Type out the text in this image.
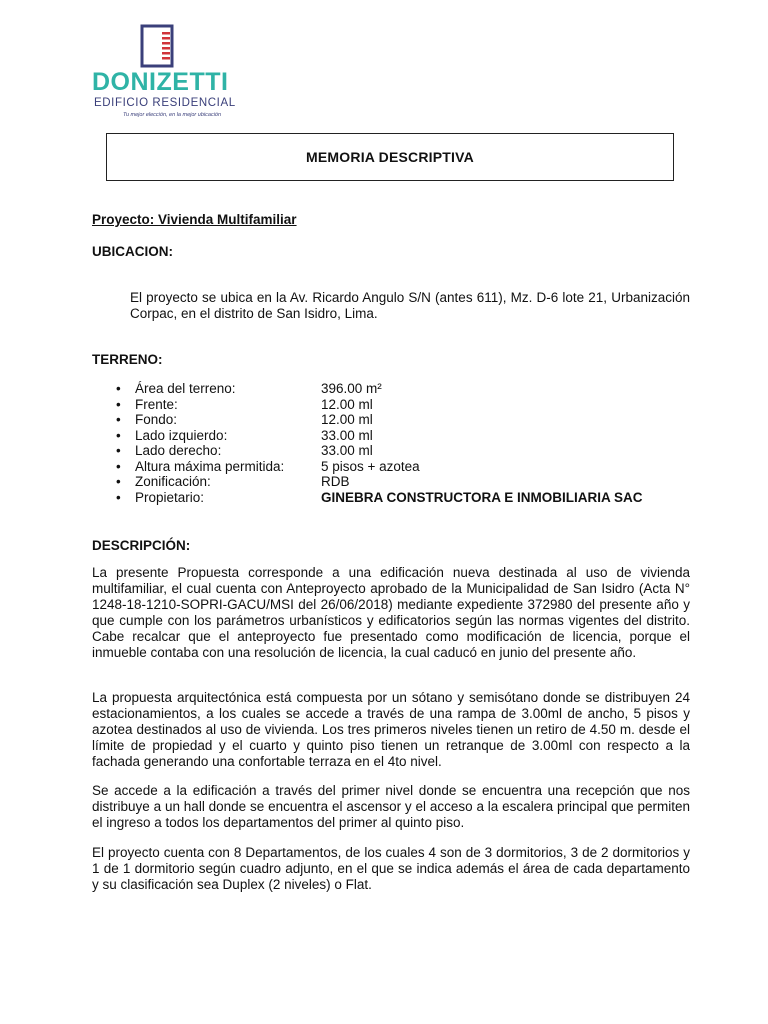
DONIZETTI
EDIFICIO RESIDENCIAL
Tu mejor elección, en la mejor ubicación
MEMORIA DESCRIPTIVA
Proyecto: Vivienda Multifamiliar
UBICACION:
El proyecto se ubica en la Av. Ricardo Angulo S/N (antes 611), Mz. D-6 lote 21, Urbanización Corpac, en el distrito de San Isidro, Lima.
TERRENO:
• Área del terreno:	396.00 m²
• Frente:	12.00 ml
• Fondo:	12.00 ml
• Lado izquierdo:	33.00 ml
• Lado derecho:	33.00 ml
• Altura máxima permitida:	5 pisos + azotea
• Zonificación:	RDB
• Propietario:	GINEBRA CONSTRUCTORA E INMOBILIARIA SAC
DESCRIPCIÓN:
La presente Propuesta corresponde a una edificación nueva destinada al uso de vivienda multifamiliar, el cual cuenta con Anteproyecto aprobado de la Municipalidad de San Isidro (Acta N° 1248-18-1210-SOPRI-GACU/MSI del 26/06/2018) mediante expediente 372980 del presente año y que cumple con los parámetros urbanísticos y edificatorios según las normas vigentes del distrito. Cabe recalcar que el anteproyecto fue presentado como modificación de licencia, porque el inmueble contaba con una resolución de licencia, la cual caducó en junio del presente año.
La propuesta arquitectónica está compuesta por un sótano y semisótano donde se distribuyen 24 estacionamientos, a los cuales se accede a través de una rampa de 3.00ml de ancho, 5 pisos y azotea destinados al uso de vivienda. Los tres primeros niveles tienen un retiro de 4.50 m. desde el límite de propiedad y el cuarto y quinto piso tienen un retranque de 3.00ml con respecto a la fachada generando una confortable terraza en el 4to nivel.
Se accede a la edificación a través del primer nivel donde se encuentra una recepción que nos distribuye a un hall donde se encuentra el ascensor y el acceso a la escalera principal que permiten el ingreso a todos los departamentos del primer al quinto piso.
El proyecto cuenta con 8 Departamentos, de los cuales 4 son de 3 dormitorios, 3 de 2 dormitorios y 1 de 1 dormitorio según cuadro adjunto, en el que se indica además el área de cada departamento y su clasificación sea Duplex (2 niveles) o Flat.
